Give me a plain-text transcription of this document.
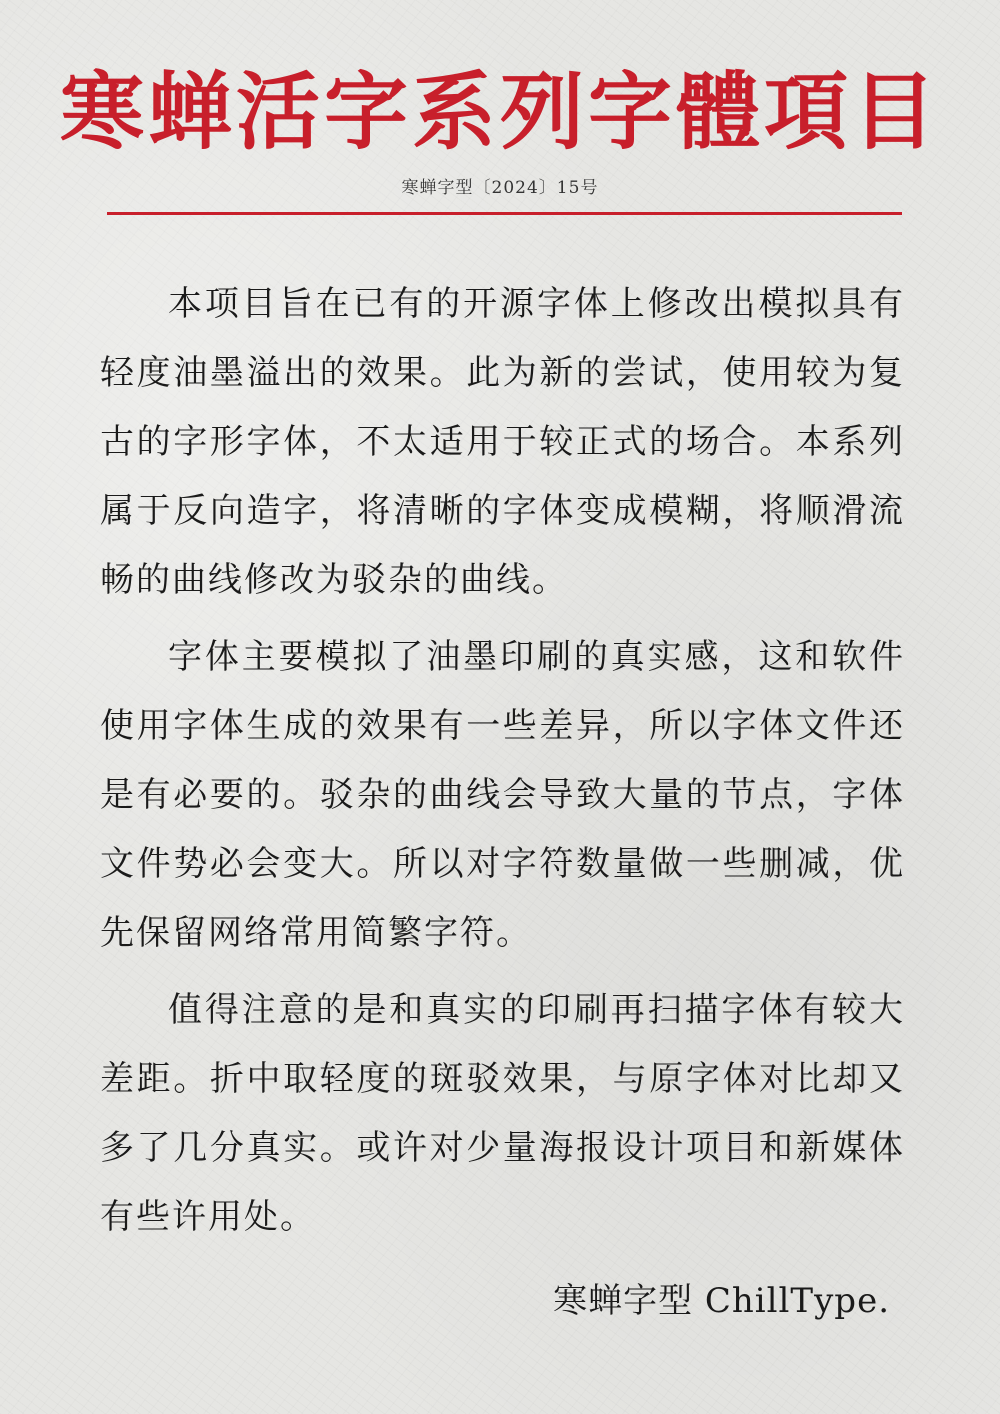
寒蝉活字系列字體項目
寒蝉字型〔2024〕15号

本项目旨在已有的开源字体上修改出模拟具有轻度油墨溢出的效果。此为新的尝试，使用较为复古的字形字体，不太适用于较正式的场合。本系列属于反向造字，将清晰的字体变成模糊，将顺滑流畅的曲线修改为驳杂的曲线。

字体主要模拟了油墨印刷的真实感，这和软件使用字体生成的效果有一些差异，所以字体文件还是有必要的。驳杂的曲线会导致大量的节点，字体文件势必会变大。所以对字符数量做一些删减，优先保留网络常用简繁字符。

值得注意的是和真实的印刷再扫描字体有较大差距。折中取轻度的斑驳效果，与原字体对比却又多了几分真实。或许对少量海报设计项目和新媒体有些许用处。

寒蝉字型 ChillType.
